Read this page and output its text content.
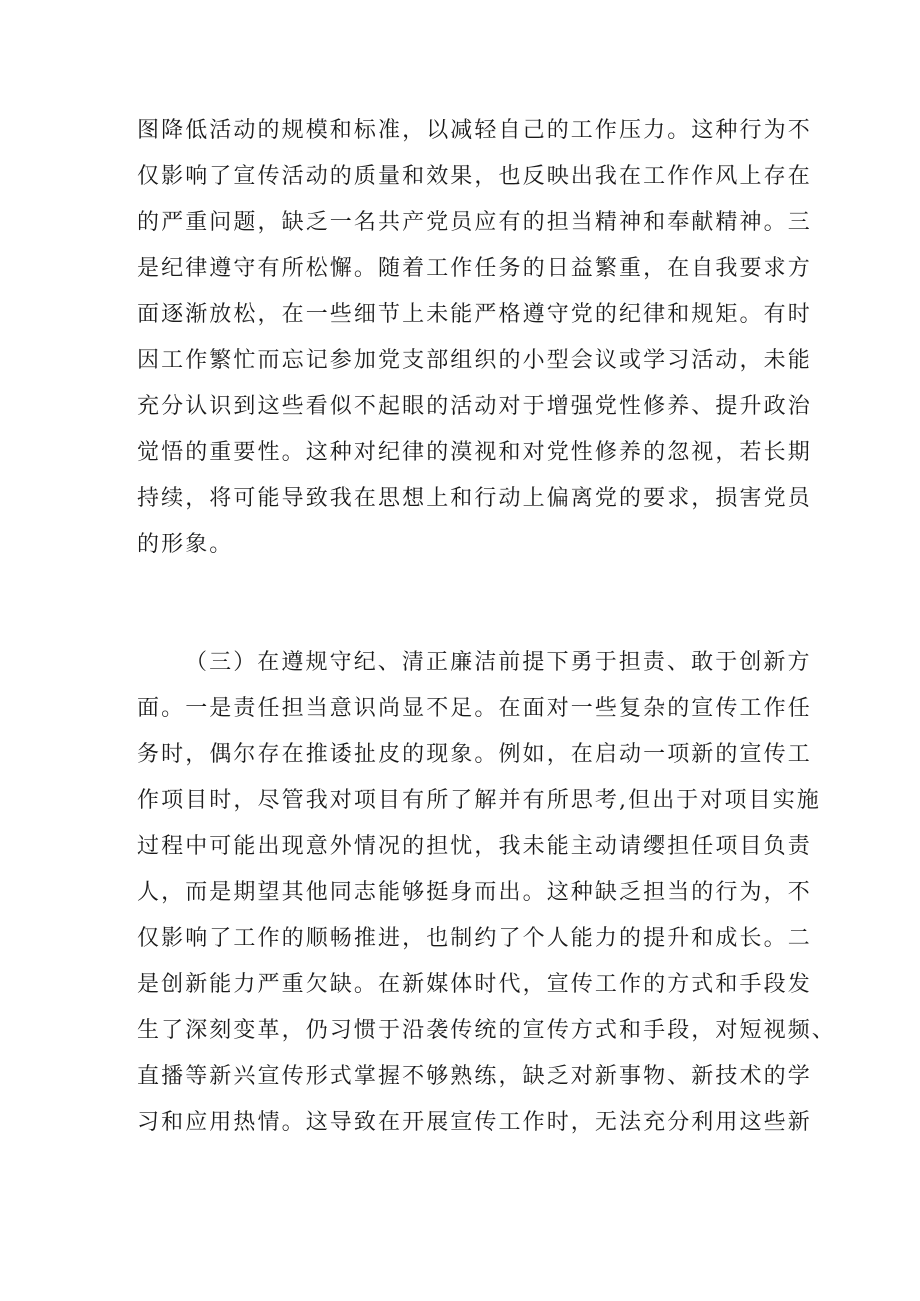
图降低活动的规模和标准，以减轻自己的工作压力。这种行为不
仅影响了宣传活动的质量和效果，也反映出我在工作作风上存在
的严重问题，缺乏一名共产党员应有的担当精神和奉献精神。三
是纪律遵守有所松懈。随着工作任务的日益繁重，在自我要求方
面逐渐放松，在一些细节上未能严格遵守党的纪律和规矩。有时
因工作繁忙而忘记参加党支部组织的小型会议或学习活动，未能
充分认识到这些看似不起眼的活动对于增强党性修养、提升政治
觉悟的重要性。这种对纪律的漠视和对党性修养的忽视，若长期
持续，将可能导致我在思想上和行动上偏离党的要求，损害党员
的形象。
（三）在遵规守纪、清正廉洁前提下勇于担责、敢于创新方
面。一是责任担当意识尚显不足。在面对一些复杂的宣传工作任
务时，偶尔存在推诿扯皮的现象。例如，在启动一项新的宣传工
作项目时，尽管我对项目有所了解并有所思考,但出于对项目实施
过程中可能出现意外情况的担忧，我未能主动请缨担任项目负责
人，而是期望其他同志能够挺身而出。这种缺乏担当的行为，不
仅影响了工作的顺畅推进，也制约了个人能力的提升和成长。二
是创新能力严重欠缺。在新媒体时代，宣传工作的方式和手段发
生了深刻变革，仍习惯于沿袭传统的宣传方式和手段，对短视频、
直播等新兴宣传形式掌握不够熟练，缺乏对新事物、新技术的学
习和应用热情。这导致在开展宣传工作时，无法充分利用这些新
